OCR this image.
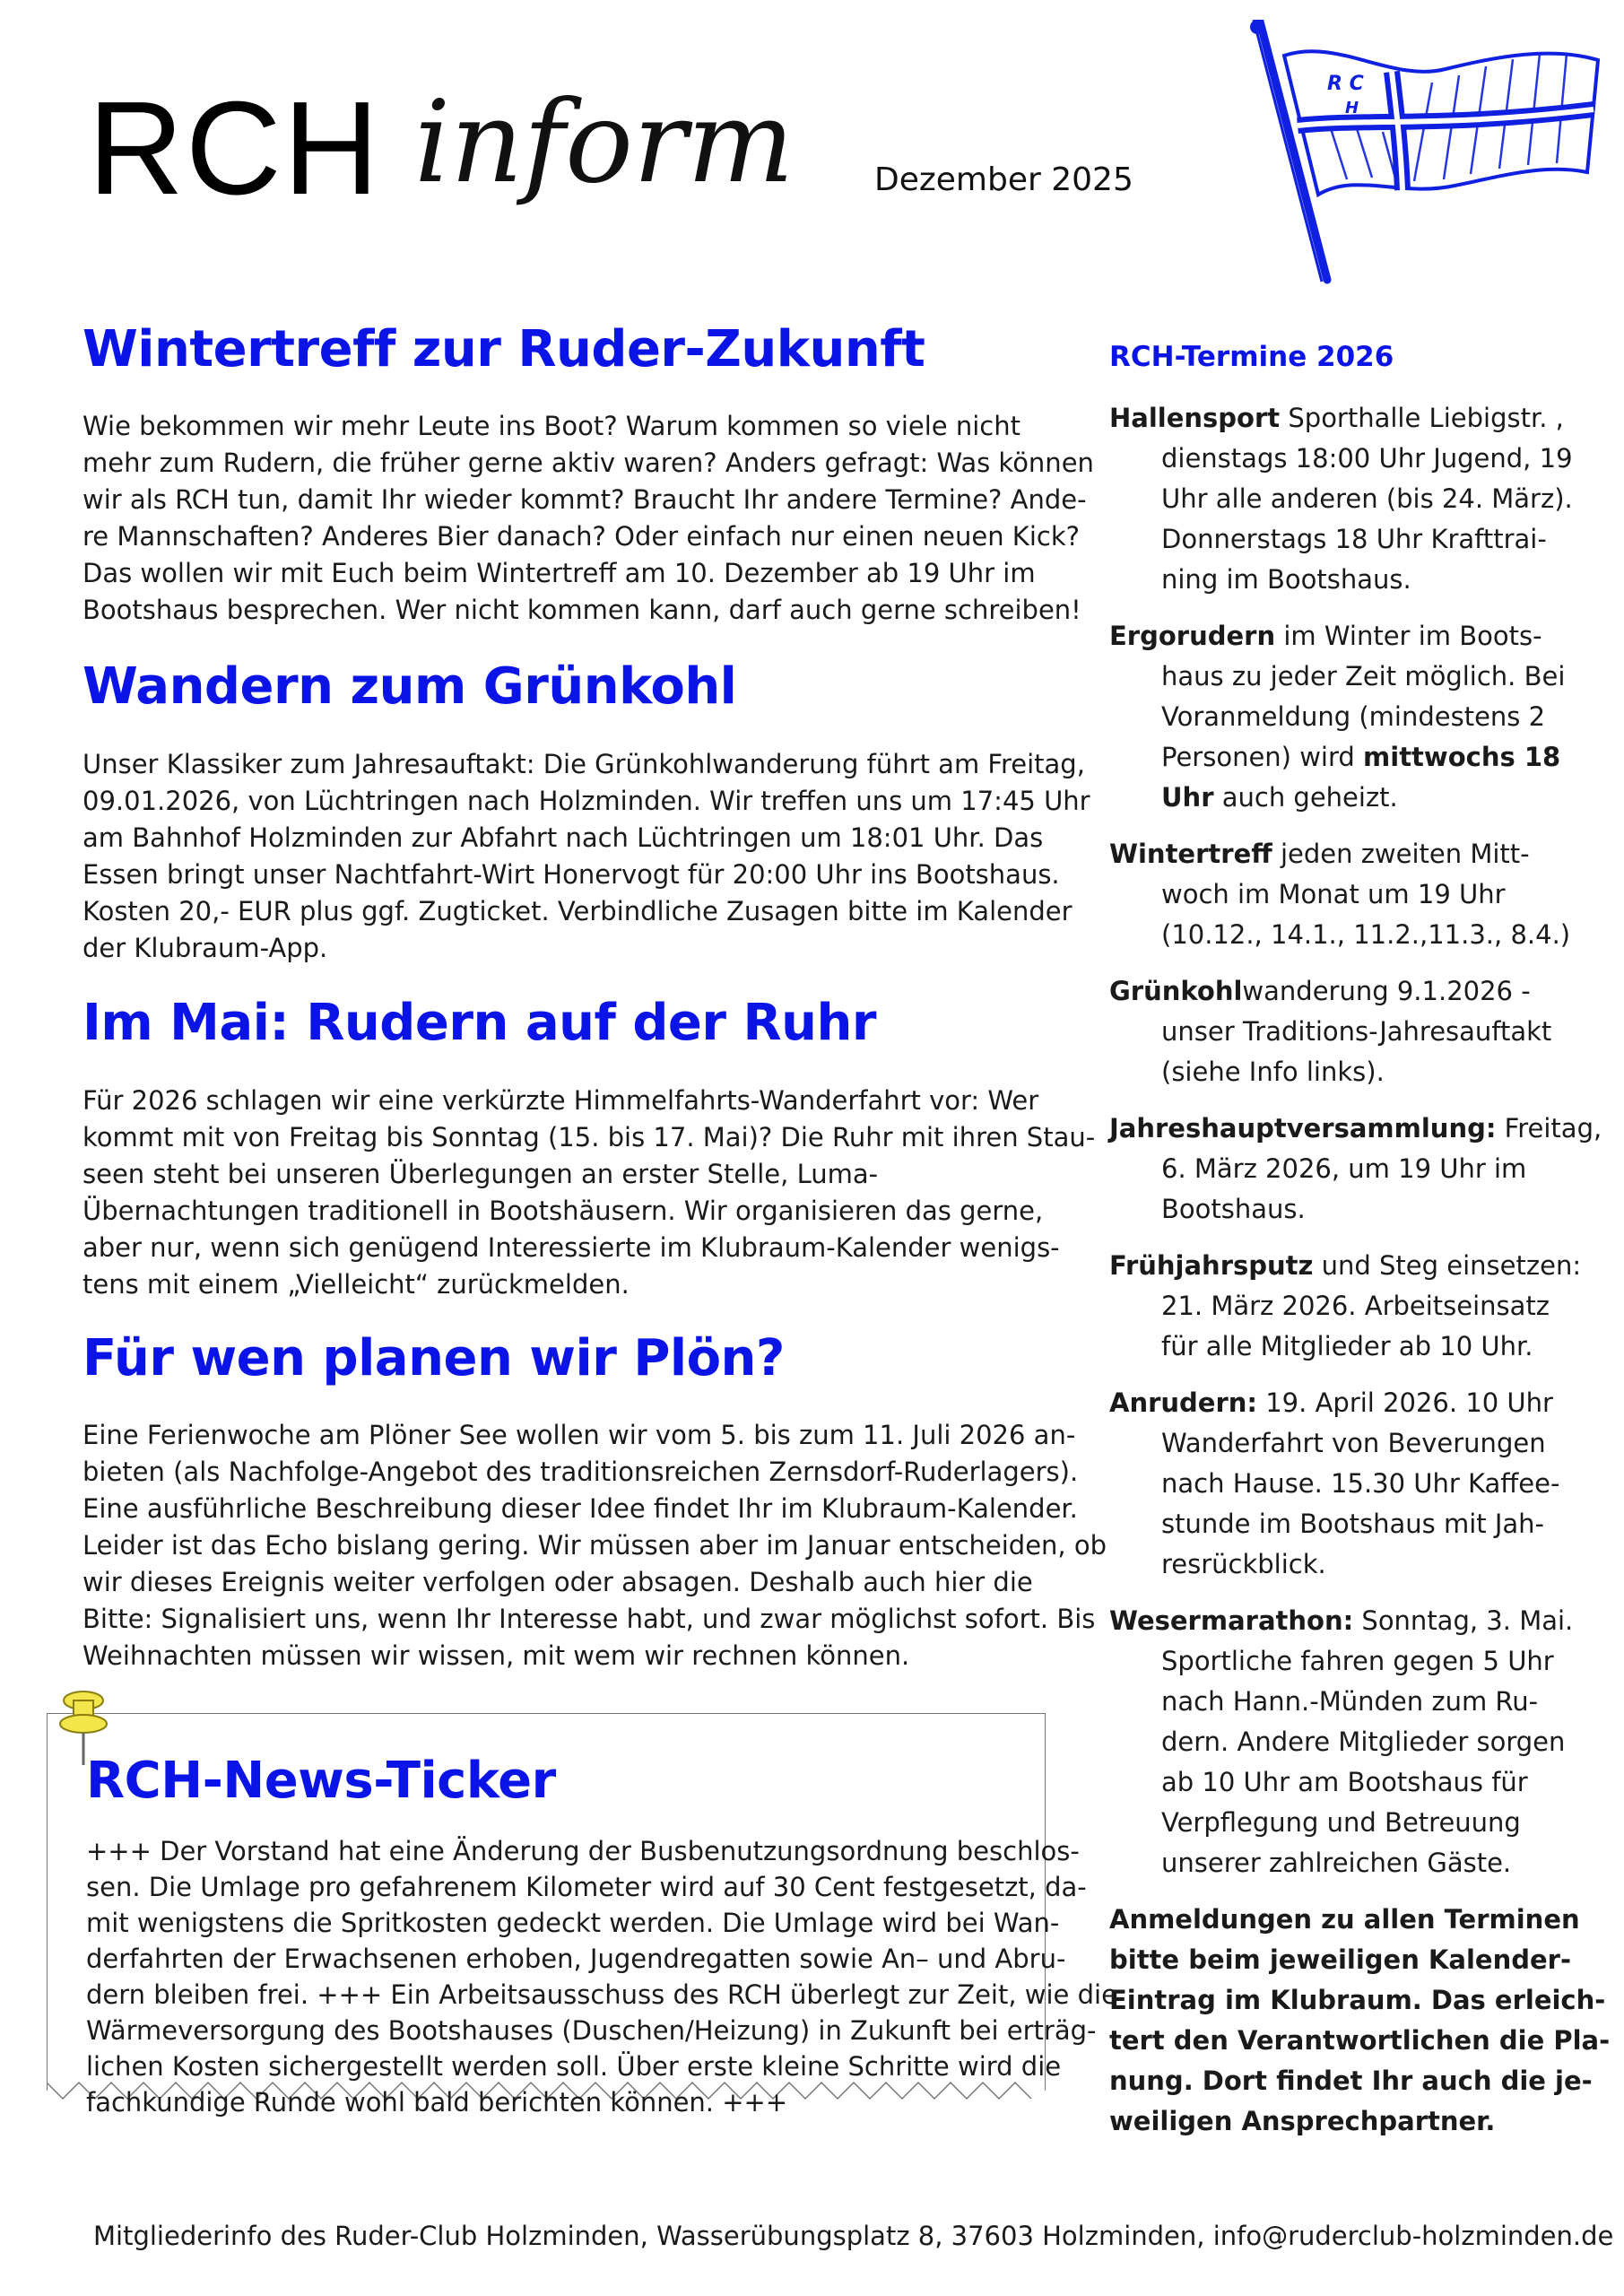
RCH inform Dezember 2025
R C
H
Wintertreff zur Ruder-Zukunft

Wie bekommen wir mehr Leute ins Boot? Warum kommen so viele nicht
mehr zum Rudern, die früher gerne aktiv waren? Anders gefragt: Was können
wir als RCH tun, damit Ihr wieder kommt? Braucht Ihr andere Termine? Ande-
re Mannschaften? Anderes Bier danach? Oder einfach nur einen neuen Kick?
Das wollen wir mit Euch beim Wintertreff am 10. Dezember ab 19 Uhr im
Bootshaus besprechen. Wer nicht kommen kann, darf auch gerne schreiben!

Wandern zum Grünkohl

Unser Klassiker zum Jahresauftakt: Die Grünkohlwanderung führt am Freitag,
09.01.2026, von Lüchtringen nach Holzminden. Wir treffen uns um 17:45 Uhr
am Bahnhof Holzminden zur Abfahrt nach Lüchtringen um 18:01 Uhr. Das
Essen bringt unser Nachtfahrt-Wirt Honervogt für 20:00 Uhr ins Bootshaus.
Kosten 20,- EUR plus ggf. Zugticket. Verbindliche Zusagen bitte im Kalender
der Klubraum-App.

Im Mai: Rudern auf der Ruhr

Für 2026 schlagen wir eine verkürzte Himmelfahrts-Wanderfahrt vor: Wer
kommt mit von Freitag bis Sonntag (15. bis 17. Mai)? Die Ruhr mit ihren Stau-
seen steht bei unseren Überlegungen an erster Stelle, Luma-
Übernachtungen traditionell in Bootshäusern. Wir organisieren das gerne,
aber nur, wenn sich genügend Interessierte im Klubraum-Kalender wenigs-
tens mit einem „Vielleicht“ zurückmelden.

Für wen planen wir Plön?

Eine Ferienwoche am Plöner See wollen wir vom 5. bis zum 11. Juli 2026 an-
bieten (als Nachfolge-Angebot des traditionsreichen Zernsdorf-Ruderlagers).
Eine ausführliche Beschreibung dieser Idee findet Ihr im Klubraum-Kalender.
Leider ist das Echo bislang gering. Wir müssen aber im Januar entscheiden, ob
wir dieses Ereignis weiter verfolgen oder absagen. Deshalb auch hier die
Bitte: Signalisiert uns, wenn Ihr Interesse habt, und zwar möglichst sofort. Bis
Weihnachten müssen wir wissen, mit wem wir rechnen können.

RCH-News-Ticker

+++ Der Vorstand hat eine Änderung der Busbenutzungsordnung beschlos-
sen. Die Umlage pro gefahrenem Kilometer wird auf 30 Cent festgesetzt, da-
mit wenigstens die Spritkosten gedeckt werden. Die Umlage wird bei Wan-
derfahrten der Erwachsenen erhoben, Jugendregatten sowie An– und Abru-
dern bleiben frei. +++ Ein Arbeitsausschuss des RCH überlegt zur Zeit, wie die
Wärmeversorgung des Bootshauses (Duschen/Heizung) in Zukunft bei erträg-
lichen Kosten sichergestellt werden soll. Über erste kleine Schritte wird die
fachkundige Runde wohl bald berichten können. +++

RCH-Termine 2026
Hallensport Sporthalle Liebigstr. ,
dienstags 18:00 Uhr Jugend, 19
Uhr alle anderen (bis 24. März).
Donnerstags 18 Uhr Krafttrai-
ning im Bootshaus.
Ergorudern im Winter im Boots-
haus zu jeder Zeit möglich. Bei
Voranmeldung (mindestens 2
Personen) wird mittwochs 18
Uhr auch geheizt.
Wintertreff jeden zweiten Mitt-
woch im Monat um 19 Uhr
(10.12., 14.1., 11.2.,11.3., 8.4.)
Grünkohlwanderung 9.1.2026 -
unser Traditions-Jahresauftakt
(siehe Info links).
Jahreshauptversammlung: Freitag,
6. März 2026, um 19 Uhr im
Bootshaus.
Frühjahrsputz und Steg einsetzen:
21. März 2026. Arbeitseinsatz
für alle Mitglieder ab 10 Uhr.
Anrudern: 19. April 2026. 10 Uhr
Wanderfahrt von Beverungen
nach Hause. 15.30 Uhr Kaffee-
stunde im Bootshaus mit Jah-
resrückblick.
Wesermarathon: Sonntag, 3. Mai.
Sportliche fahren gegen 5 Uhr
nach Hann.-Münden zum Ru-
dern. Andere Mitglieder sorgen
ab 10 Uhr am Bootshaus für
Verpflegung und Betreuung
unserer zahlreichen Gäste.
Anmeldungen zu allen Terminen
bitte beim jeweiligen Kalender-
Eintrag im Klubraum. Das erleich-
tert den Verantwortlichen die Pla-
nung. Dort findet Ihr auch die je-
weiligen Ansprechpartner.
Mitgliederinfo des Ruder-Club Holzminden, Wasserübungsplatz 8, 37603 Holzminden, info@ruderclub-holzminden.de
